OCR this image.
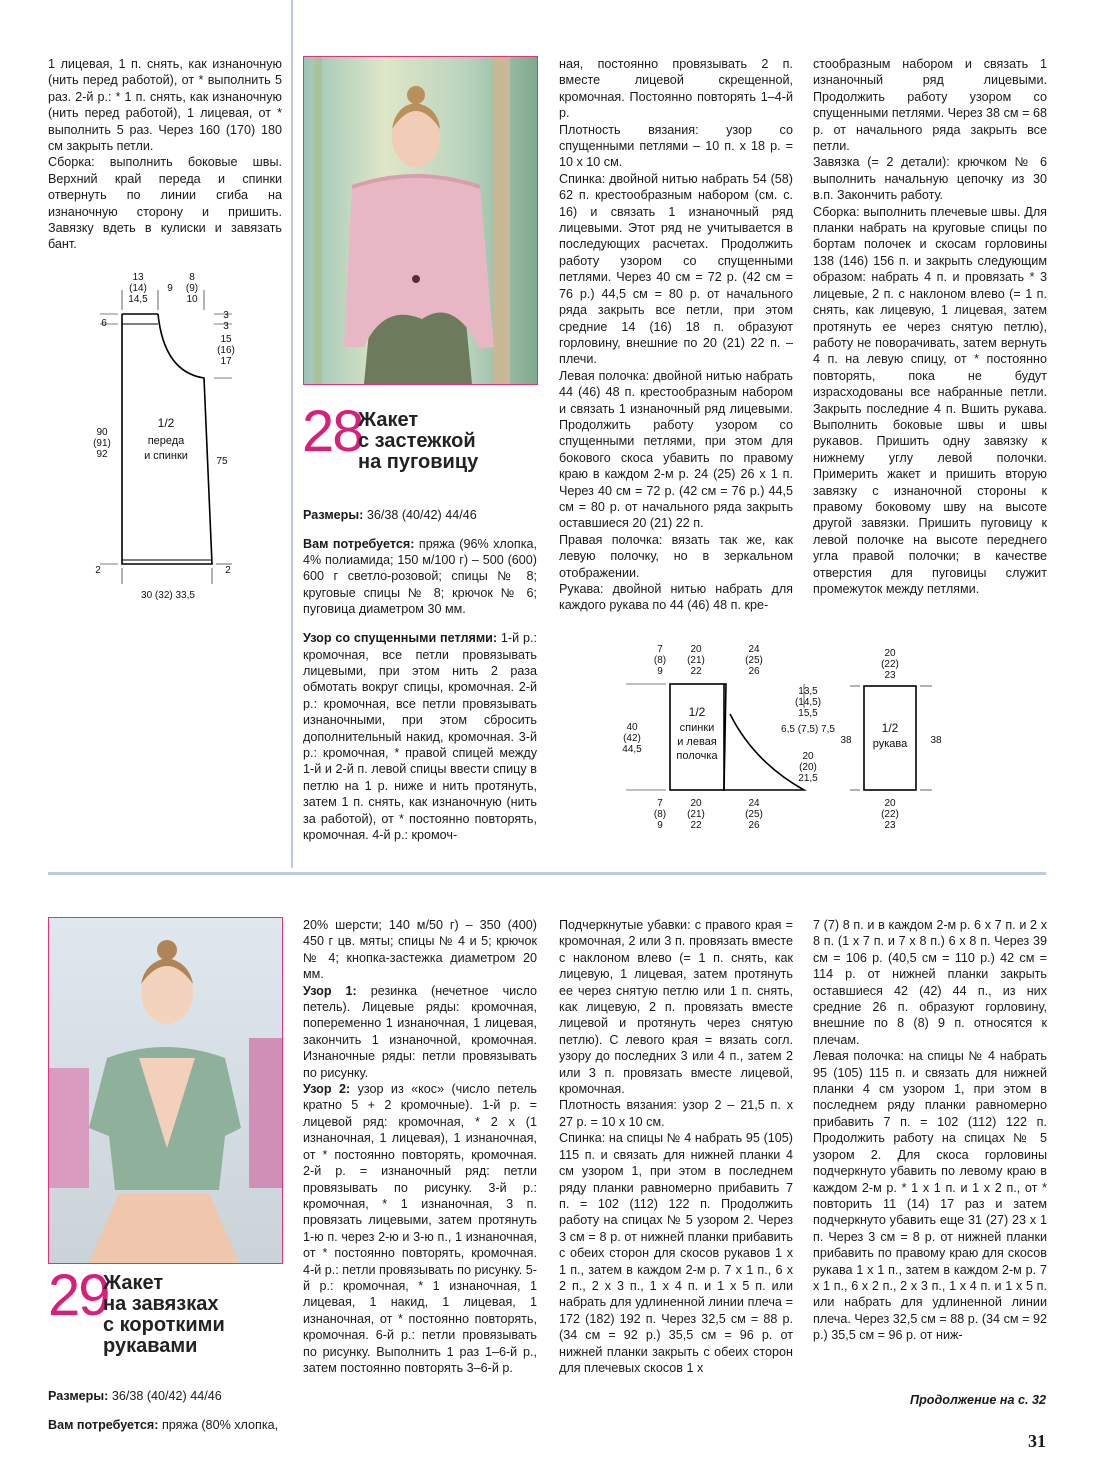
1 лицевая, 1 п. снять, как изнаночную (нить перед работой), от * выполнить 5 раз. 2-й р.: * 1 п. снять, как изнаночную (нить перед работой), 1 лицевая, от * выполнить 5 раз. Через 160 (170) 180 см закрыть петли.

Сборка: выполнить боковые швы. Верхний край переда и спинки отвернуть по линии сгиба на изнаночную сторону и пришить. Завязку вдеть в кулиски и завязать бант.

13
(14)
14,5
9
8
(9)
10
3
3
15
(16)
17
6
90
(91)
92
1/2
переда
и спинки	75
2	2
30 (32) 33,5
28
Жакет
с застежкой
на пуговицу

Размеры: 36/38 (40/42) 44/46

Вам потребуется: пряжа (96% хлопка, 4% полиамида; 150 м/100 г) – 500 (600) 600 г светло-розовой; спицы № 8; круговые спицы № 8; крючок № 6; пуговица диаметром 30 мм.

Узор со спущенными петлями: 1-й р.: кромочная, все петли провязывать лицевыми, при этом нить 2 раза обмотать вокруг спицы, кромочная. 2-й р.: кромочная, все петли провязывать изнаночными, при этом сбросить дополнительный накид, кромочная. 3-й р.: кромочная, * правой спицей между 1-й и 2-й п. левой спицы ввести спицу в петлю на 1 р. ниже и нить протянуть, затем 1 п. снять, как изнаночную (нить за работой), от * постоянно повторять, кромочная. 4-й р.: кромоч-

ная, постоянно провязывать 2 п. вместе лицевой скрещенной, кромочная. Постоянно повторять 1–4-й р.

Плотность вязания: узор со спущенными петлями – 10 п. х 18 р. = 10 х 10 см.

Спинка: двойной нитью набрать 54 (58) 62 п. крестообразным набором (см. с. 16) и связать 1 изнаночный ряд лицевыми. Этот ряд не учитывается в последующих расчетах. Продолжить работу узором со спущенными петлями. Через 40 см = 72 р. (42 см = 76 р.) 44,5 см = 80 р. от начального ряда закрыть все петли, при этом средние 14 (16) 18 п. образуют горловину, внешние по 20 (21) 22 п. – плечи.

Левая полочка: двойной нитью набрать 44 (46) 48 п. крестообразным набором и связать 1 изнаночный ряд лицевыми. Продолжить работу узором со спущенными петлями, при этом для бокового скоса убавить по правому краю в каждом 2-м р. 24 (25) 26 х 1 п. Через 40 см = 72 р. (42 см = 76 р.) 44,5 см = 80 р. от начального ряда закрыть оставшиеся 20 (21) 22 п.

Правая полочка: вязать так же, как левую полочку, но в зеркальном отображении.

Рукава: двойной нитью набрать для каждого рукава по 44 (46) 48 п. кре-

стообразным набором и связать 1 изнаночный ряд лицевыми. Продолжить работу узором со спущенными петлями. Через 38 см = 68 р. от начального ряда закрыть все петли.

Завязка (= 2 детали): крючком № 6 выполнить начальную цепочку из 30 в.п. Закончить работу.

Сборка: выполнить плечевые швы. Для планки набрать на круговые спицы по бортам полочек и скосам горловины 138 (146) 156 п. и закрыть следующим образом: набрать 4 п. и провязать * 3 лицевые, 2 п. с наклоном влево (= 1 п. снять, как лицевую, 1 лицевая, затем протянуть ее через снятую петлю), работу не поворачивать, затем вернуть 4 п. на левую спицу, от * постоянно повторять, пока не будут израсходованы все набранные петли. Закрыть последние 4 п. Вшить рукава. Выполнить боковые швы и швы рукавов. Пришить одну завязку к нижнему углу левой полочки. Примерить жакет и пришить вторую завязку с изнаночной стороны к правому боковому шву на высоте другой завязки. Пришить пуговицу к левой полочке на высоте переднего угла правой полочки; в качестве отверстия для пуговицы служит промежуток между петлями.

7
(8)
9
20
(21)
22
24
(25)
26
40
(42)
44,5
1/2
спинки
и левая
полочка
13,5
(14,5)
15,5
6,5 (7,5) 7,5
20
(20)
21,5
38	38
20
(22)
23
1/2
рукава
7
(8)
9
20
(21)
22
24
(25)
26
20
(22)
23
29
Жакет
на завязках
с короткими
рукавами

Размеры: 36/38 (40/42) 44/46

Вам потребуется: пряжа (80% хлопка,

20% шерсти; 140 м/50 г) – 350 (400) 450 г цв. мяты; спицы № 4 и 5; крючок № 4; кнопка-застежка диаметром 20 мм.

Узор 1: резинка (нечетное число петель). Лицевые ряды: кромочная, попеременно 1 изнаночная, 1 лицевая, закончить 1 изнаночной, кромочная. Изнаночные ряды: петли провязывать по рисунку.

Узор 2: узор из «кос» (число петель кратно 5 + 2 кромочные). 1-й р. = лицевой ряд: кромочная, * 2 х (1 изнаночная, 1 лицевая), 1 изнаночная, от * постоянно повторять, кромочная. 2-й р. = изнаночный ряд: петли провязывать по рисунку. 3-й р.: кромочная, * 1 изнаночная, 3 п. провязать лицевыми, затем протянуть 1-ю п. через 2-ю и 3-ю п., 1 изнаночная, от * постоянно повторять, кромочная. 4-й р.: петли провязывать по рисунку. 5-й р.: кромочная, * 1 изнаночная, 1 лицевая, 1 накид, 1 лицевая, 1 изнаночная, от * постоянно повторять, кромочная. 6-й р.: петли провязывать по рисунку. Выполнить 1 раз 1–6-й р., затем постоянно повторять 3–6-й р.

Подчеркнутые убавки: с правого края = кромочная, 2 или 3 п. провязать вместе с наклоном влево (= 1 п. снять, как лицевую, 1 лицевая, затем протянуть ее через снятую петлю или 1 п. снять, как лицевую, 2 п. провязать вместе лицевой и протянуть через снятую петлю). С левого края = вязать согл. узору до последних 3 или 4 п., затем 2 или 3 п. провязать вместе лицевой, кромочная.

Плотность вязания: узор 2 – 21,5 п. х 27 р. = 10 х 10 см.

Спинка: на спицы № 4 набрать 95 (105) 115 п. и связать для нижней планки 4 см узором 1, при этом в последнем ряду планки равномерно прибавить 7 п. = 102 (112) 122 п. Продолжить работу на спицах № 5 узором 2. Через 3 см = 8 р. от нижней планки прибавить с обеих сторон для скосов рукавов 1 х 1 п., затем в каждом 2-м р. 7 х 1 п., 6 х 2 п., 2 х 3 п., 1 х 4 п. и 1 х 5 п. или набрать для удлиненной линии плеча = 172 (182) 192 п. Через 32,5 см = 88 р. (34 см = 92 р.) 35,5 см = 96 р. от нижней планки закрыть с обеих сторон для плечевых скосов 1 х

7 (7) 8 п. и в каждом 2-м р. 6 х 7 п. и 2 х 8 п. (1 х 7 п. и 7 х 8 п.) 6 х 8 п. Через 39 см = 106 р. (40,5 см = 110 р.) 42 см = 114 р. от нижней планки закрыть оставшиеся 42 (42) 44 п., из них средние 26 п. образуют горловину, внешние по 8 (8) 9 п. относятся к плечам.

Левая полочка: на спицы № 4 набрать 95 (105) 115 п. и связать для нижней планки 4 см узором 1, при этом в последнем ряду планки равномерно прибавить 7 п. = 102 (112) 122 п. Продолжить работу на спицах № 5 узором 2. Для скоса горловины подчеркнуто убавить по левому краю в каждом 2-м р. * 1 х 1 п. и 1 х 2 п., от * повторить 11 (14) 17 раз и затем подчеркнуто убавить еще 31 (27) 23 х 1 п. Через 3 см = 8 р. от нижней планки прибавить по правому краю для скосов рукава 1 х 1 п., затем в каждом 2-м р. 7 х 1 п., 6 х 2 п., 2 х 3 п., 1 х 4 п. и 1 х 5 п. или набрать для удлиненной линии плеча. Через 32,5 см = 88 р. (34 см = 92 р.) 35,5 см = 96 р. от ниж-

Продолжение на с. 32
31
